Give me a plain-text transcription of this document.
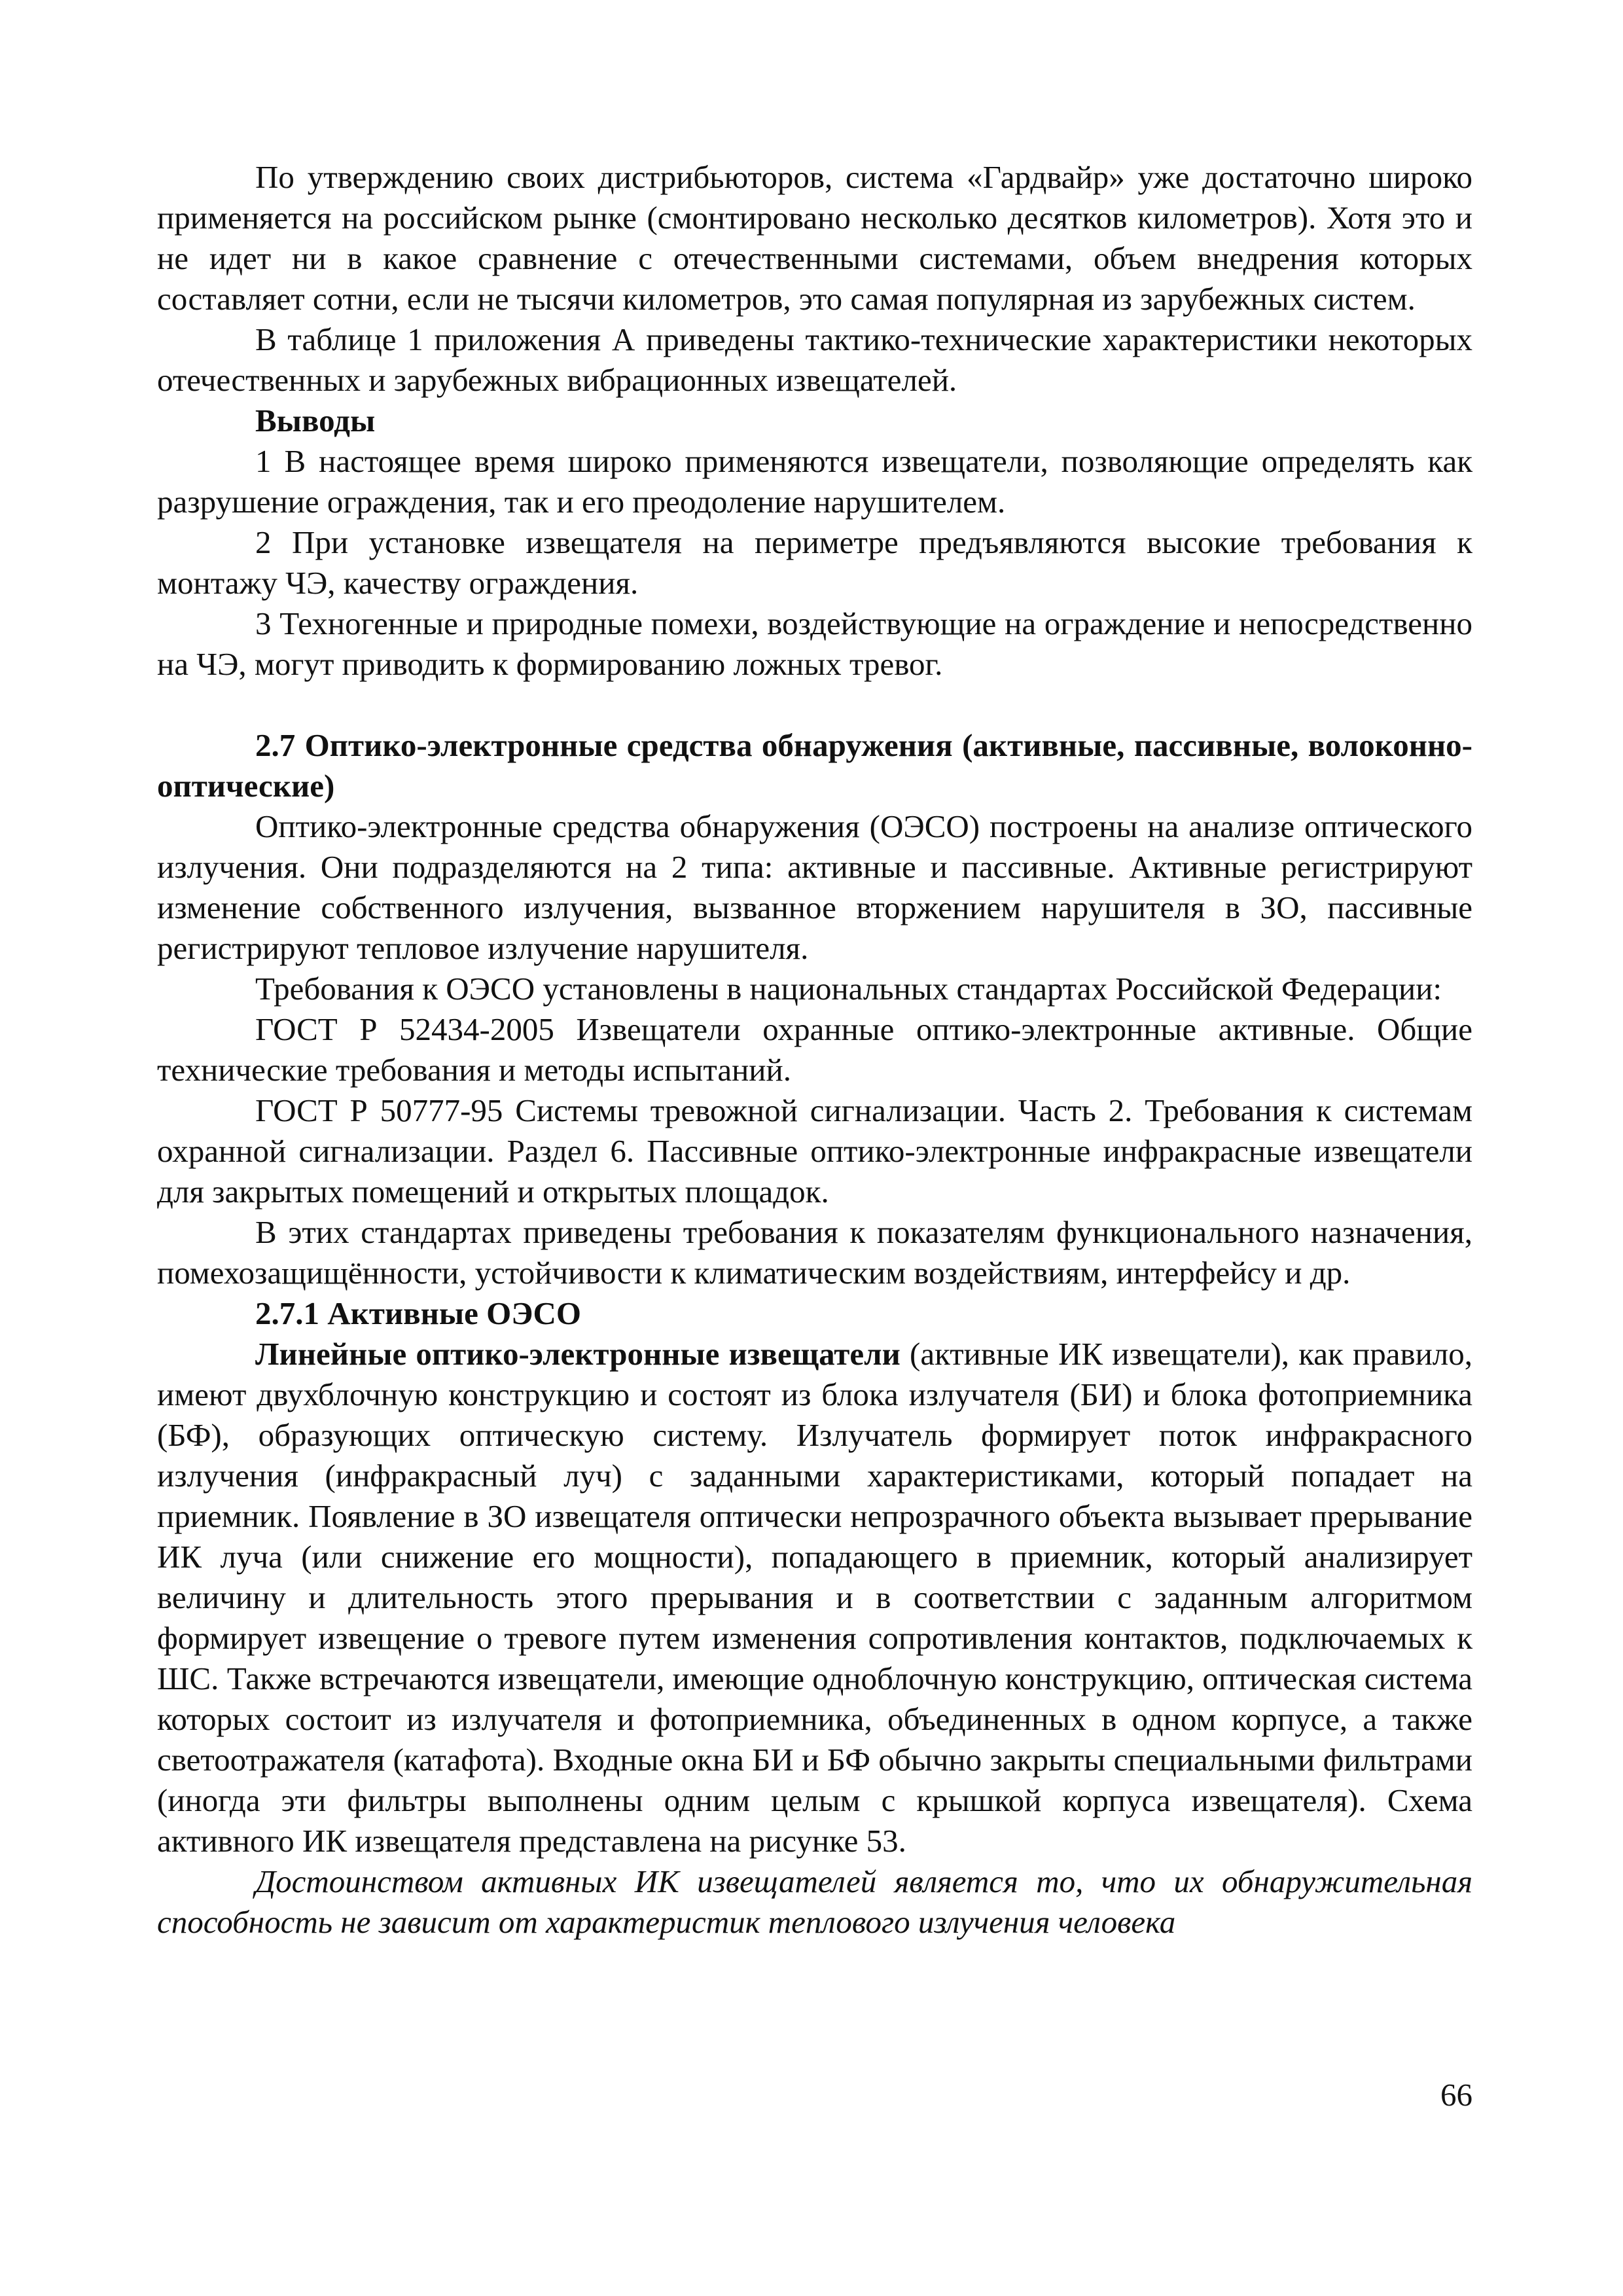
По утверждению своих дистрибьюторов, система «Гардвайр» уже достаточно широко применяется на российском рынке (смонтировано несколько десятков километров). Хотя это и не идет ни в какое сравнение с отечественными системами, объем внедрения которых составляет сотни, если не тысячи километров, это самая популярная из зарубежных систем.

В таблице 1 приложения А приведены тактико-технические характеристики некоторых отечественных и зарубежных вибрационных извещателей.

Выводы

1 В настоящее время широко применяются извещатели, позволяющие определять как разрушение ограждения, так и его преодоление нарушителем.

2 При установке извещателя на периметре предъявляются высокие требования к монтажу ЧЭ, качеству ограждения.

3 Техногенные и природные помехи, воздействующие на ограждение и непосредственно на ЧЭ, могут приводить к формированию ложных тревог.

2.7 Оптико-электронные средства обнаружения (активные, пассивные, волоконно-оптические)

Оптико-электронные средства обнаружения (ОЭСО) построены на анализе оптического излучения. Они подразделяются на 2 типа: активные и пассивные. Активные регистрируют изменение собственного излучения, вызванное вторжением нарушителя в ЗО, пассивные регистрируют тепловое излучение нарушителя.

Требования к ОЭСО установлены в национальных стандартах Российской Федерации:

ГОСТ Р 52434-2005 Извещатели охранные оптико-электронные активные. Общие технические требования и методы испытаний.

ГОСТ Р 50777-95 Системы тревожной сигнализации. Часть 2. Требования к системам охранной сигнализации. Раздел 6. Пассивные оптико-электронные инфракрасные извещатели для закрытых помещений и открытых площадок.

В этих стандартах приведены требования к показателям функционального назначения, помехозащищённости, устойчивости к климатическим воздействиям, интерфейсу и др.

2.7.1 Активные ОЭСО

Линейные оптико-электронные извещатели (активные ИК извещатели), как правило, имеют двухблочную конструкцию и состоят из блока излучателя (БИ) и блока фотоприемника (БФ), образующих оптическую систему. Излучатель формирует поток инфракрасного излучения (инфракрасный луч) с заданными характеристиками, который попадает на приемник. Появление в ЗО извещателя оптически непрозрачного объекта вызывает прерывание ИК луча (или снижение его мощности), попадающего в приемник, который анализирует величину и длительность этого прерывания и в соответствии с заданным алгоритмом формирует извещение о тревоге путем изменения сопротивления контактов, подключаемых к ШС. Также встречаются извещатели, имеющие одноблочную конструкцию, оптическая система которых состоит из излучателя и фотоприемника, объединенных в одном корпусе, а также светоотражателя (катафота). Входные окна БИ и БФ обычно закрыты специальными фильтрами (иногда эти фильтры выполнены одним целым с крышкой корпуса извещателя). Схема активного ИК извещателя представлена на рисунке 53.

Достоинством активных ИК извещателей является то, что их обнаружительная способность не зависит от характеристик теплового излучения человека

66
